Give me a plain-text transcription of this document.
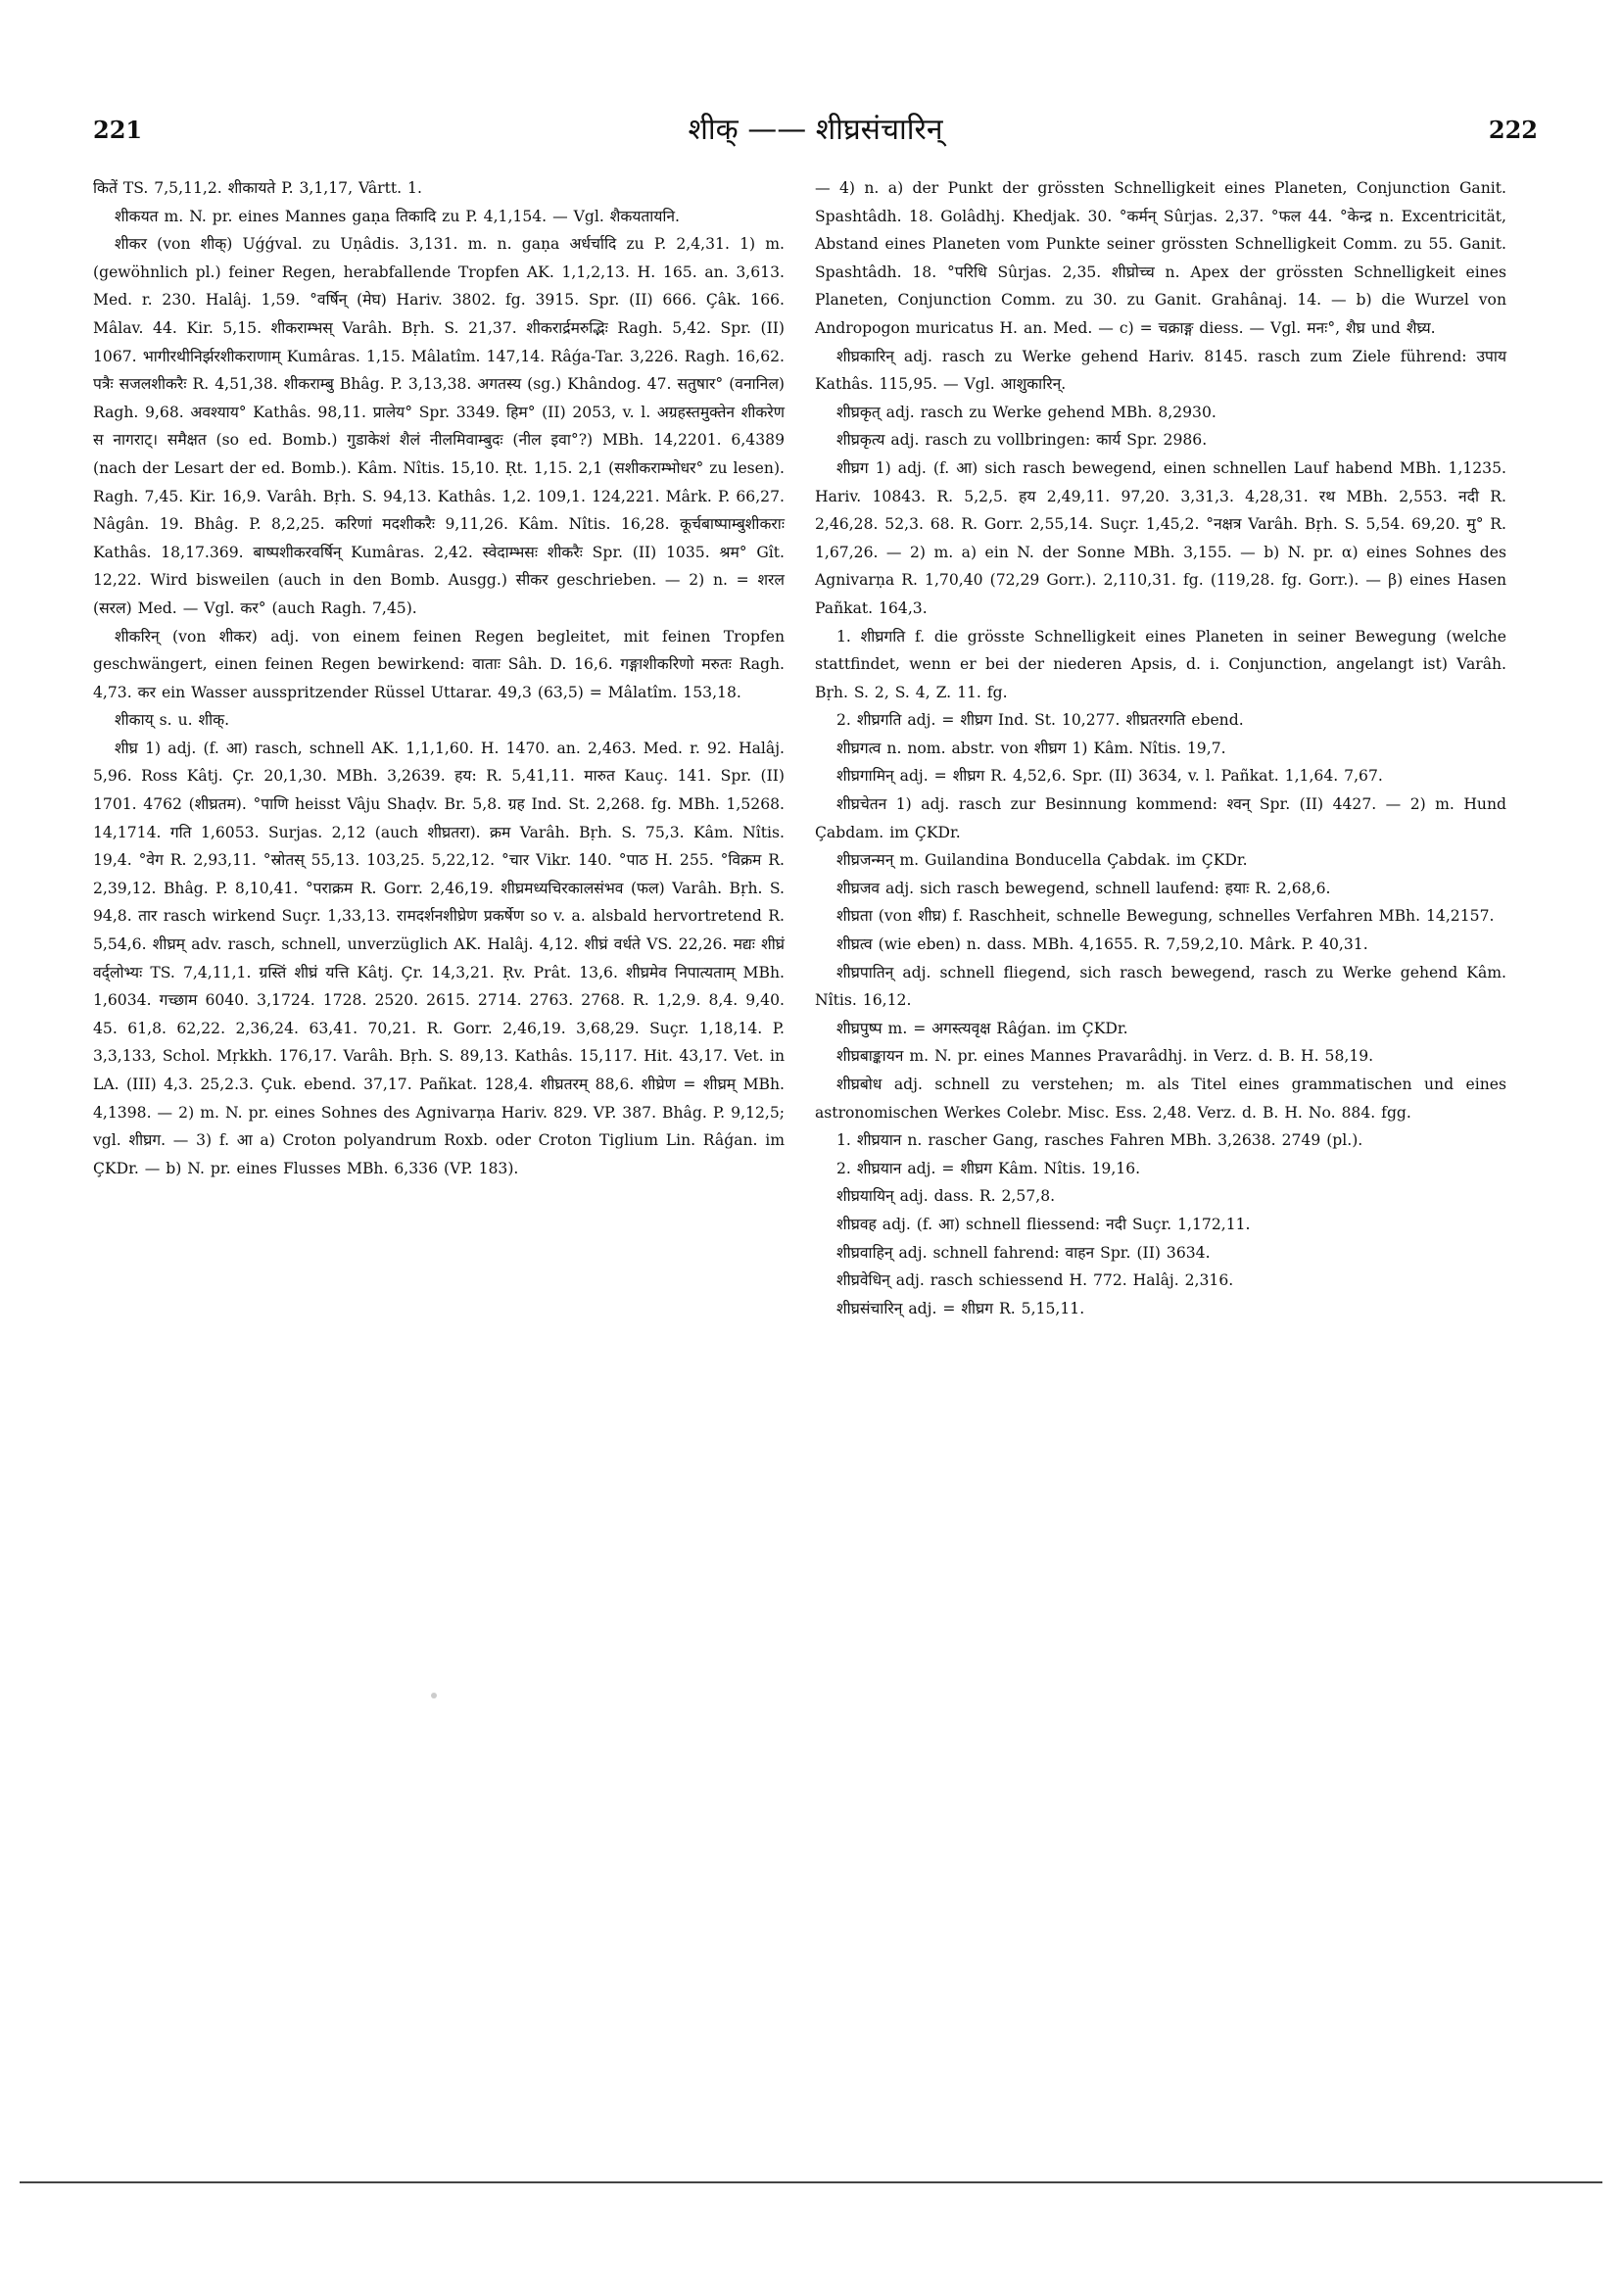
221	शीक् —— शीघ्रसंचारिन्	222

कितें TS. 7,5,11,2. शीकायते P. 3,1,17, Vârtt. 1.

शीकयत m. N. pr. eines Mannes gaṇa तिकादि zu P. 4,1,154. — Vgl. शैकयतायनि.

शीकर (von शीक्) Uǵǵval. zu Uṇâdis. 3,131. m. n. gaṇa अर्धर्चादि zu P. 2,4,31. 1) m. (gewöhnlich pl.) feiner Regen, herabfallende Tropfen AK. 1,1,2,13. H. 165. an. 3,613. Med. r. 230. Halâj. 1,59. °वर्षिन् (मेघ) Hariv. 3802. fg. 3915. Spr. (II) 666. Çâk. 166. Mâlav. 44. Kir. 5,15. शीकराम्भस् Varâh. Bṛh. S. 21,37. शीकरार्द्रमरुद्भिः Ragh. 5,42. Spr. (II) 1067. भागीरथीनिर्झरशीकराणाम् Kumâras. 1,15. Mâlatîm. 147,14. Râǵa-Tar. 3,226. Ragh. 16,62. पत्रैः सजलशीकरैः R. 4,51,38. शीकराम्बु Bhâg. P. 3,13,38. अगतस्य (sg.) Khândog. 47. सतुषार° (वनानिल) Ragh. 9,68. अवश्याय° Kathâs. 98,11. प्रालेय° Spr. 3349. हिम° (II) 2053, v. l. अग्रहस्तमुक्तेन शीकरेण स नागराट्। समैक्षत (so ed. Bomb.) गुडाकेशं शैलं नीलमिवाम्बुदः (नील इवा°?) MBh. 14,2201. 6,4389 (nach der Lesart der ed. Bomb.). Kâm. Nîtis. 15,10. Ṛt. 1,15. 2,1 (सशीकराम्भोधर° zu lesen). Ragh. 7,45. Kir. 16,9. Varâh. Bṛh. S. 94,13. Kathâs. 1,2. 109,1. 124,221. Mârk. P. 66,27. Nâgân. 19. Bhâg. P. 8,2,25. करिणां मदशीकरैः 9,11,26. Kâm. Nîtis. 16,28. कूर्चबाष्पाम्बुशीकराः Kathâs. 18,17.369. बाष्पशीकरवर्षिन् Kumâras. 2,42. स्वेदाम्भसः शीकरैः Spr. (II) 1035. श्रम° Gît. 12,22. Wird bisweilen (auch in den Bomb. Ausgg.) सीकर geschrieben. — 2) n. = शरल (सरल) Med. — Vgl. कर° (auch Ragh. 7,45).

शीकरिन् (von शीकर) adj. von einem feinen Regen begleitet, mit feinen Tropfen geschwängert, einen feinen Regen bewirkend: वाताः Sâh. D. 16,6. गङ्गाशीकरिणो मरुतः Ragh. 4,73. कर ein Wasser ausspritzender Rüssel Uttarar. 49,3 (63,5) = Mâlatîm. 153,18.

शीकाय् s. u. शीक्.

शीघ्र 1) adj. (f. आ) rasch, schnell AK. 1,1,1,60. H. 1470. an. 2,463. Med. r. 92. Halâj. 5,96. Ross Kâtj. Çr. 20,1,30. MBh. 3,2639. हय: R. 5,41,11. मारुत Kauç. 141. Spr. (II) 1701. 4762 (शीघ्रतम). °पाणि heisst Vâju Shaḍv. Br. 5,8. ग्रह Ind. St. 2,268. fg. MBh. 1,5268. 14,1714. गति 1,6053. Surjas. 2,12 (auch शीघ्रतरा). क्रम Varâh. Bṛh. S. 75,3. Kâm. Nîtis. 19,4. °वेग R. 2,93,11. °स्रोतस् 55,13. 103,25. 5,22,12. °चार Vikr. 140. °पाठ H. 255. °विक्रम R. 2,39,12. Bhâg. P. 8,10,41. °पराक्रम R. Gorr. 2,46,19. शीघ्रमध्यचिरकालसंभव (फल) Varâh. Bṛh. S. 94,8. तार rasch wirkend Suçr. 1,33,13. रामदर्शनशीघ्रेण प्रकर्षेण so v. a. alsbald hervortretend R. 5,54,6. शीघ्रम् adv. rasch, schnell, unverzüglich AK. Halâj. 4,12. शीघ्रं वर्धते VS. 22,26. मद्यः शीघ्रं वर्द्लोभ्यः TS. 7,4,11,1. ग्रस्तिं शीघ्रं यत्ति Kâtj. Çr. 14,3,21. Ṛv. Prât. 13,6. शीघ्रमेव निपात्यताम् MBh. 1,6034. गच्छाम 6040. 3,1724. 1728. 2520. 2615. 2714. 2763. 2768. R. 1,2,9. 8,4. 9,40. 45. 61,8. 62,22. 2,36,24. 63,41. 70,21. R. Gorr. 2,46,19. 3,68,29. Suçr. 1,18,14. P. 3,3,133, Schol. Mṛkkh. 176,17. Varâh. Bṛh. S. 89,13. Kathâs. 15,117. Hit. 43,17. Vet. in LA. (III) 4,3. 25,2.3. Çuk. ebend. 37,17. Pañkat. 128,4. शीघ्रतरम् 88,6. शीघ्रेण = शीघ्रम् MBh. 4,1398. — 2) m. N. pr. eines Sohnes des Agnivarṇa Hariv. 829. VP. 387. Bhâg. P. 9,12,5; vgl. शीघ्रग. — 3) f. आ a) Croton polyandrum Roxb. oder Croton Tiglium Lin. Râǵan. im ÇKDr. — b) N. pr. eines Flusses MBh. 6,336 (VP. 183).

— 4) n. a) der Punkt der grössten Schnelligkeit eines Planeten, Conjunction Ganit. Spashtâdh. 18. Golâdhj. Khedjak. 30. °कर्मन् Sûrjas. 2,37. °फल 44. °केन्द्र n. Excentricität, Abstand eines Planeten vom Punkte seiner grössten Schnelligkeit Comm. zu 55. Ganit. Spashtâdh. 18. °परिधि Sûrjas. 2,35. शीघ्रोच्च n. Apex der grössten Schnelligkeit eines Planeten, Conjunction Comm. zu 30. zu Ganit. Grahânaj. 14. — b) die Wurzel von Andropogon muricatus H. an. Med. — c) = चक्राङ्ग diess. — Vgl. मनः°, शैघ्र und शैघ्र्य.

शीघ्रकारिन् adj. rasch zu Werke gehend Hariv. 8145. rasch zum Ziele führend: उपाय Kathâs. 115,95. — Vgl. आशुकारिन्.

शीघ्रकृत् adj. rasch zu Werke gehend MBh. 8,2930.

शीघ्रकृत्य adj. rasch zu vollbringen: कार्य Spr. 2986.

शीघ्रग 1) adj. (f. आ) sich rasch bewegend, einen schnellen Lauf habend MBh. 1,1235. Hariv. 10843. R. 5,2,5. हय 2,49,11. 97,20. 3,31,3. 4,28,31. रथ MBh. 2,553. नदी R. 2,46,28. 52,3. 68. R. Gorr. 2,55,14. Suçr. 1,45,2. °नक्षत्र Varâh. Bṛh. S. 5,54. 69,20. मु° R. 1,67,26. — 2) m. a) ein N. der Sonne MBh. 3,155. — b) N. pr. α) eines Sohnes des Agnivarṇa R. 1,70,40 (72,29 Gorr.). 2,110,31. fg. (119,28. fg. Gorr.). — β) eines Hasen Pañkat. 164,3.

1. शीघ्रगति f. die grösste Schnelligkeit eines Planeten in seiner Bewegung (welche stattfindet, wenn er bei der niederen Apsis, d. i. Conjunction, angelangt ist) Varâh. Bṛh. S. 2, S. 4, Z. 11. fg.

2. शीघ्रगति adj. = शीघ्रग Ind. St. 10,277. शीघ्रतरगति ebend.

शीघ्रगत्व n. nom. abstr. von शीघ्रग 1) Kâm. Nîtis. 19,7.

शीघ्रगामिन् adj. = शीघ्रग R. 4,52,6. Spr. (II) 3634, v. l. Pañkat. 1,1,64. 7,67.

शीघ्रचेतन 1) adj. rasch zur Besinnung kommend: श्वन् Spr. (II) 4427. — 2) m. Hund Çabdam. im ÇKDr.

शीघ्रजन्मन् m. Guilandina Bonducella Çabdak. im ÇKDr.

शीघ्रजव adj. sich rasch bewegend, schnell laufend: हयाः R. 2,68,6.

शीघ्रता (von शीघ्र) f. Raschheit, schnelle Bewegung, schnelles Verfahren MBh. 14,2157.

शीघ्रत्व (wie eben) n. dass. MBh. 4,1655. R. 7,59,2,10. Mârk. P. 40,31.

शीघ्रपातिन् adj. schnell fliegend, sich rasch bewegend, rasch zu Werke gehend Kâm. Nîtis. 16,12.

शीघ्रपुष्प m. = अगस्त्यवृक्ष Râǵan. im ÇKDr.

शीघ्रबाङ्कायन m. N. pr. eines Mannes Pravarâdhj. in Verz. d. B. H. 58,19.

शीघ्रबोध adj. schnell zu verstehen; m. als Titel eines grammatischen und eines astronomischen Werkes Colebr. Misc. Ess. 2,48. Verz. d. B. H. No. 884. fgg.

1. शीघ्रयान n. rascher Gang, rasches Fahren MBh. 3,2638. 2749 (pl.).

2. शीघ्रयान adj. = शीघ्रग Kâm. Nîtis. 19,16.

शीघ्रयायिन् adj. dass. R. 2,57,8.

शीघ्रवह adj. (f. आ) schnell fliessend: नदी Suçr. 1,172,11.

शीघ्रवाहिन् adj. schnell fahrend: वाहन Spr. (II) 3634.

शीघ्रवेधिन् adj. rasch schiessend H. 772. Halâj. 2,316.

शीघ्रसंचारिन् adj. = शीघ्रग R. 5,15,11.
